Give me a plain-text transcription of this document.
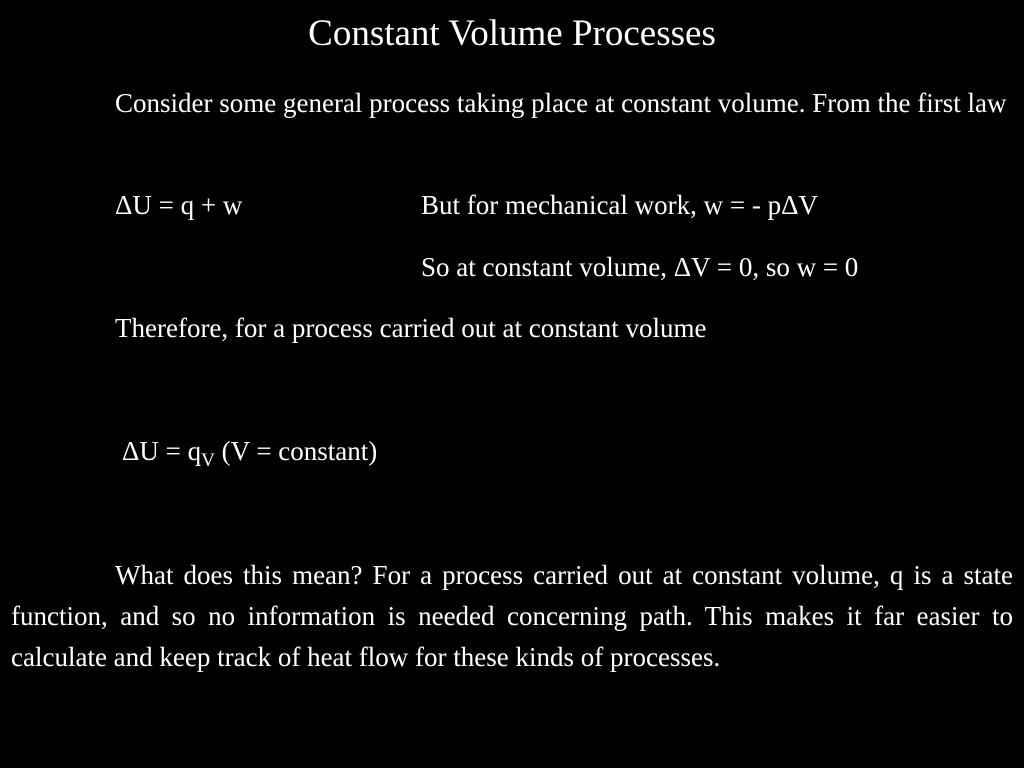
Constant Volume Processes

Consider some general process taking place at constant volume. From the first law

ΔU = q + w	But for mechanical work, w = - pΔV
So at constant volume, ΔV = 0, so w = 0
Therefore, for a process carried out at constant volume
$\Delta U = q_V$ (V = constant)

What does this mean? For a process carried out at constant volume, q is a state function, and so no information is needed concerning path. This makes it far easier to calculate and keep track of heat flow for these kinds of processes.
